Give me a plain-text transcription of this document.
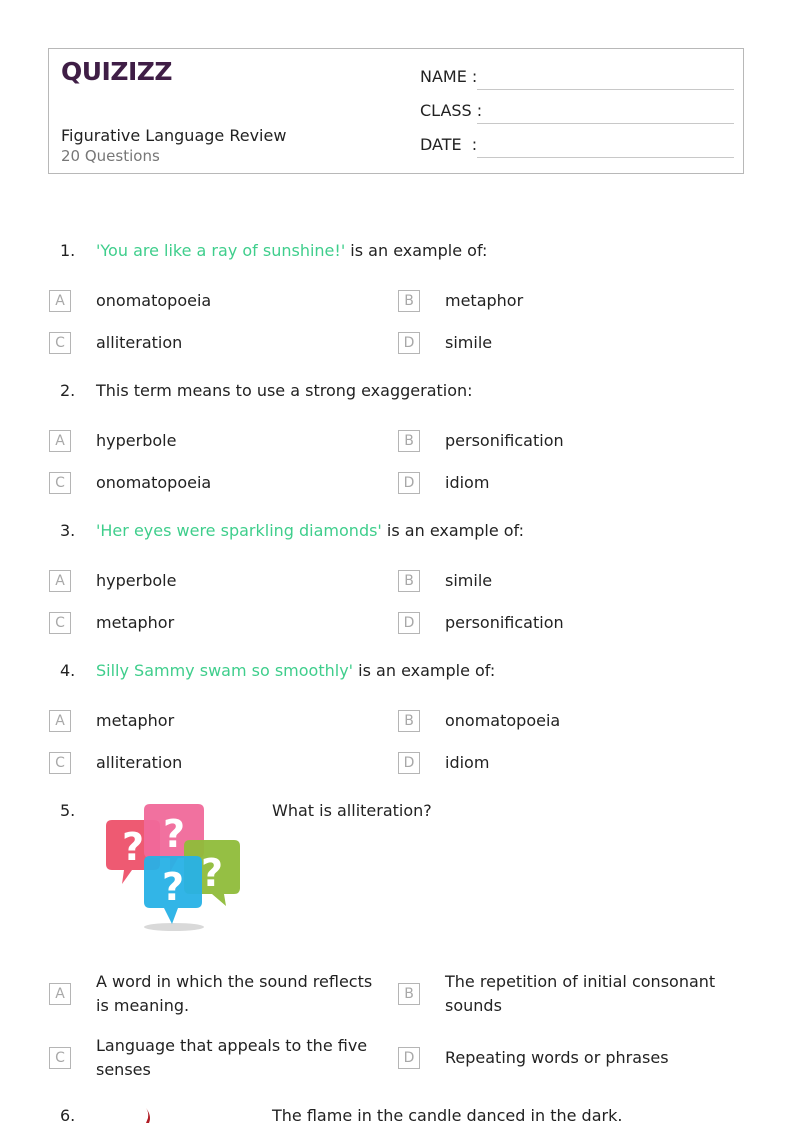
QUIZIZZ
Figurative Language Review
20 Questions
NAME :
CLASS :
DATE  :
1. 'You are like a ray of sunshine!' is an example of:
A	onomatopoeia	B	metaphor
C	alliteration	D	simile
2. This term means to use a strong exaggeration:
A	hyperbole	B	personification
C	onomatopoeia	D	idiom
3. 'Her eyes were sparkling diamonds' is an example of:
A	hyperbole	B	simile
C	metaphor	D	personification
4. Silly Sammy swam so smoothly' is an example of:
A	metaphor	B	onomatopoeia
C	alliteration	D	idiom
5.
? ?
?
?
What is alliteration?
A
A word in which the sound reflects is meaning.
B
The repetition of initial consonant sounds
C
Language that appeals to the five senses
D	Repeating words or phrases
6.	The flame in the candle danced in the dark.
